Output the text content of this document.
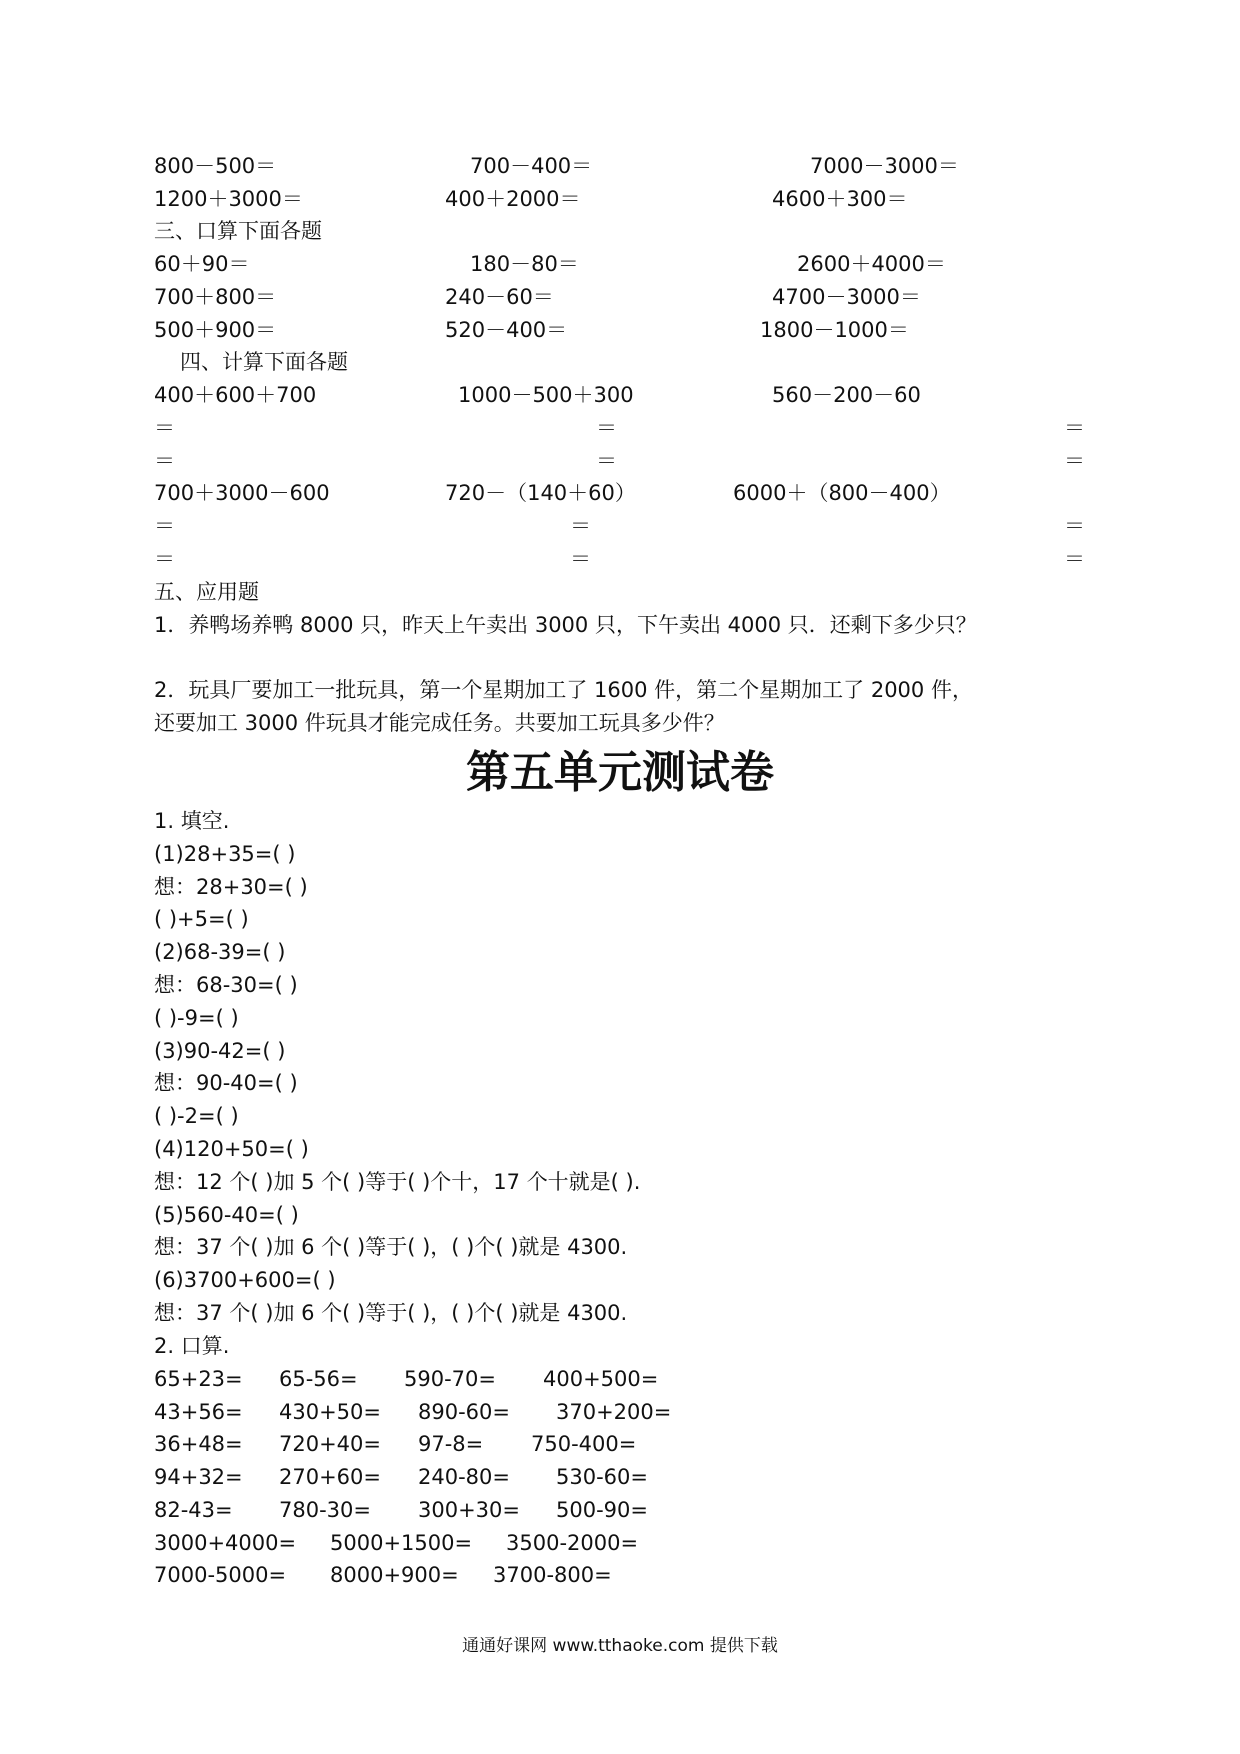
800－500＝	700－400＝	7000－3000＝
1200＋3000＝	400＋2000＝	4600＋300＝
三、口算下面各题
60＋90＝	180－80＝	2600＋4000＝
700＋800＝	240－60＝	4700－3000＝
500＋900＝	520－400＝	1800－1000＝
四、计算下面各题
400＋600＋700	1000－500＋300	560－200－60
＝	＝	＝
＝	＝	＝
700＋3000－600	720－（140＋60）	6000＋（800－400）
＝	＝	＝
＝	＝	＝
五、应用题
1．养鸭场养鸭 8000 只，昨天上午卖出 3000 只，下午卖出 4000 只．还剩下多少只？
2．玩具厂要加工一批玩具，第一个星期加工了 1600 件，第二个星期加工了 2000 件，
还要加工 3000 件玩具才能完成任务。共要加工玩具多少件？
第五单元测试卷
1. 填空.
(1)28+35=( )
想：28+30=( )
( )+5=( )
(2)68-39=( )
想：68-30=( )
( )-9=( )
(3)90-42=( )
想：90-40=( )
( )-2=( )
(4)120+50=( )
想：12 个( )加 5 个( )等于( )个十，17 个十就是( ).
(5)560-40=( )
想：37 个( )加 6 个( )等于( )，( )个( )就是 4300.
(6)3700+600=( )
想：37 个( )加 6 个( )等于( )，( )个( )就是 4300.
2. 口算.
65+23= 65-56= 590-70= 400+500=
43+56= 430+50= 890-60= 370+200=
36+48= 720+40= 97-8= 750-400=
94+32= 270+60= 240-80= 530-60=
82-43= 780-30= 300+30= 500-90=
3000+4000= 5000+1500= 3500-2000=
7000-5000= 8000+900= 3700-800=
通通好课网 www.tthaoke.com 提供下载
